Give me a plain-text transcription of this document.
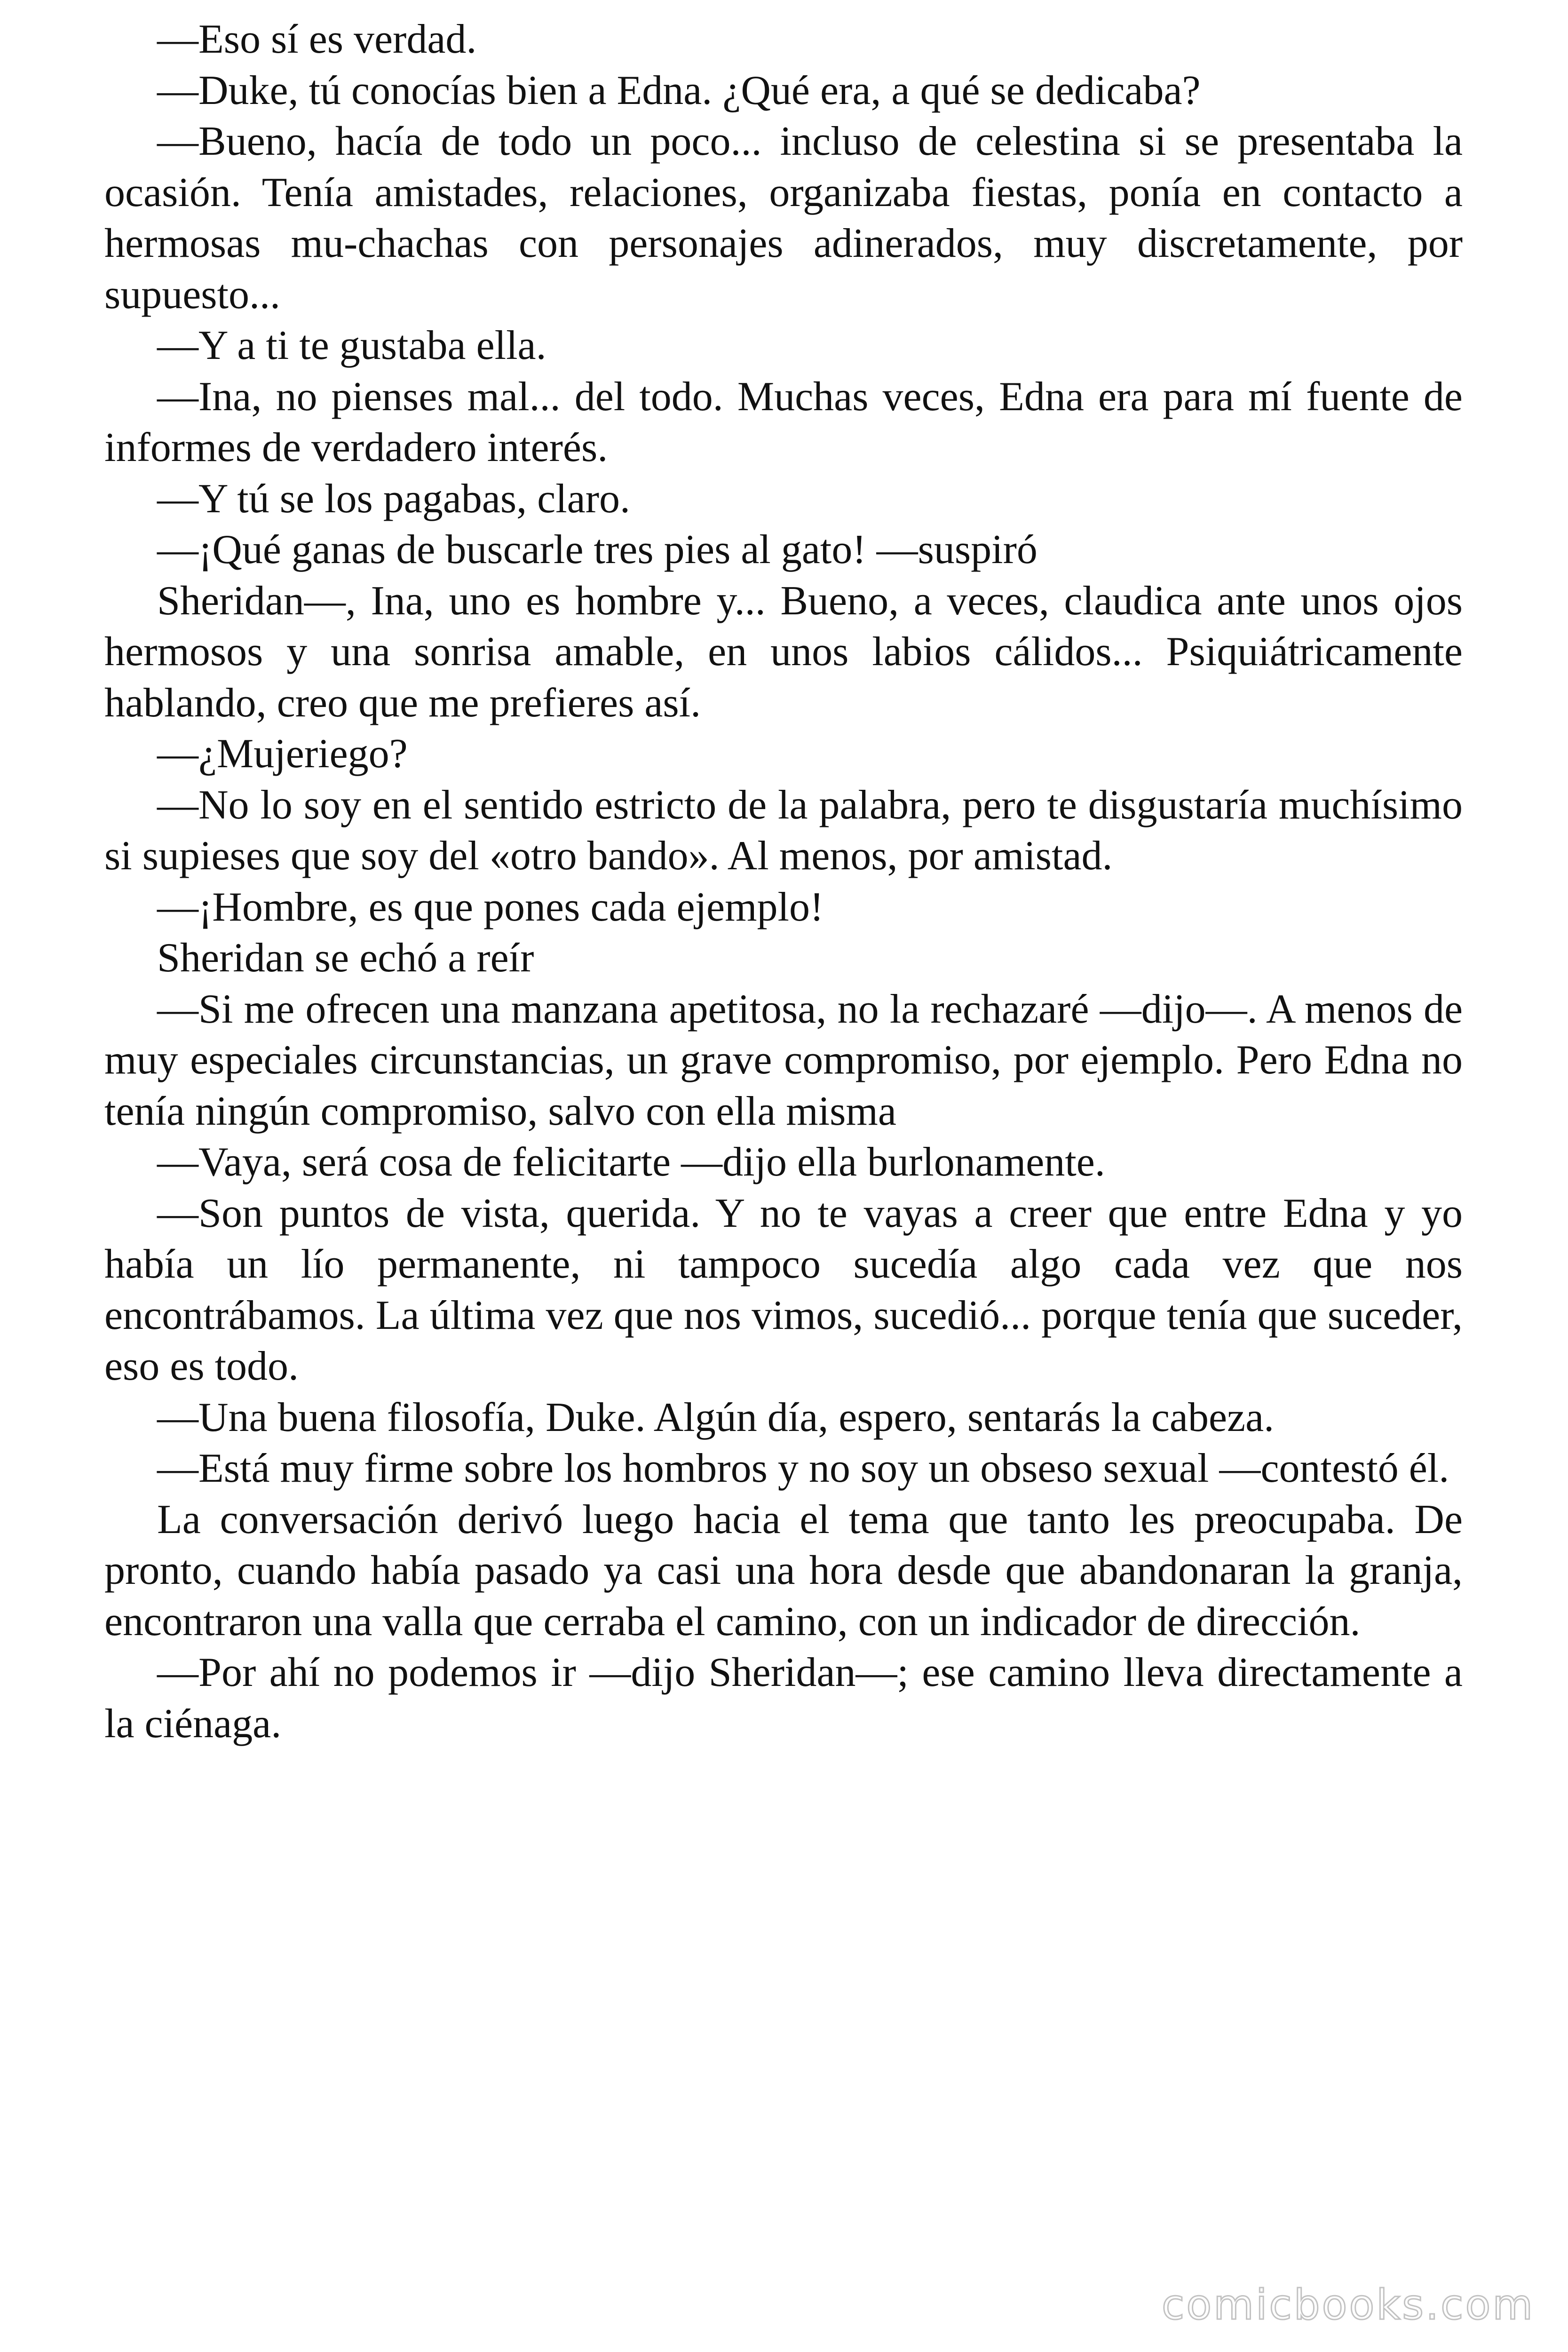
—Eso sí es verdad.

—Duke, tú conocías bien a Edna. ¿Qué era, a qué se dedicaba?

—Bueno, hacía de todo un poco... incluso de celestina si se presentaba la ocasión. Tenía amistades, relaciones, organizaba fiestas, ponía en contacto a hermosas mu-chachas con personajes adinerados, muy discretamente, por supuesto...

—Y a ti te gustaba ella.

—Ina, no pienses mal... del todo. Muchas veces, Edna era para mí fuente de informes de verdadero interés.

—Y tú se los pagabas, claro.

—¡Qué ganas de buscarle tres pies al gato! —suspiró

Sheridan—, Ina, uno es hombre y... Bueno, a veces, claudica ante unos ojos hermosos y una sonrisa amable, en unos labios cálidos... Psiquiátricamente hablando, creo que me prefieres así.

—¿Mujeriego?

—No lo soy en el sentido estricto de la palabra, pero te disgustaría muchísimo si supieses que soy del «otro bando». Al menos, por amistad.

—¡Hombre, es que pones cada ejemplo!

Sheridan se echó a reír

—Si me ofrecen una manzana apetitosa, no la rechazaré —dijo—. A menos de muy especiales circunstancias, un grave compromiso, por ejemplo. Pero Edna no tenía ningún compromiso, salvo con ella misma

—Vaya, será cosa de felicitarte —dijo ella burlonamente.

—Son puntos de vista, querida. Y no te vayas a creer que entre Edna y yo había un lío permanente, ni tampoco sucedía algo cada vez que nos encontrábamos. La última vez que nos vimos, sucedió... porque tenía que suceder, eso es todo.

—Una buena filosofía, Duke. Algún día, espero, sentarás la cabeza.

—Está muy firme sobre los hombros y no soy un obseso sexual —contestó él.

La conversación derivó luego hacia el tema que tanto les preocupaba. De pronto, cuando había pasado ya casi una hora desde que abandonaran la granja, encontraron una valla que cerraba el camino, con un indicador de dirección.

—Por ahí no podemos ir —dijo Sheridan—; ese camino lleva directamente a la ciénaga.

comicbooks.com
